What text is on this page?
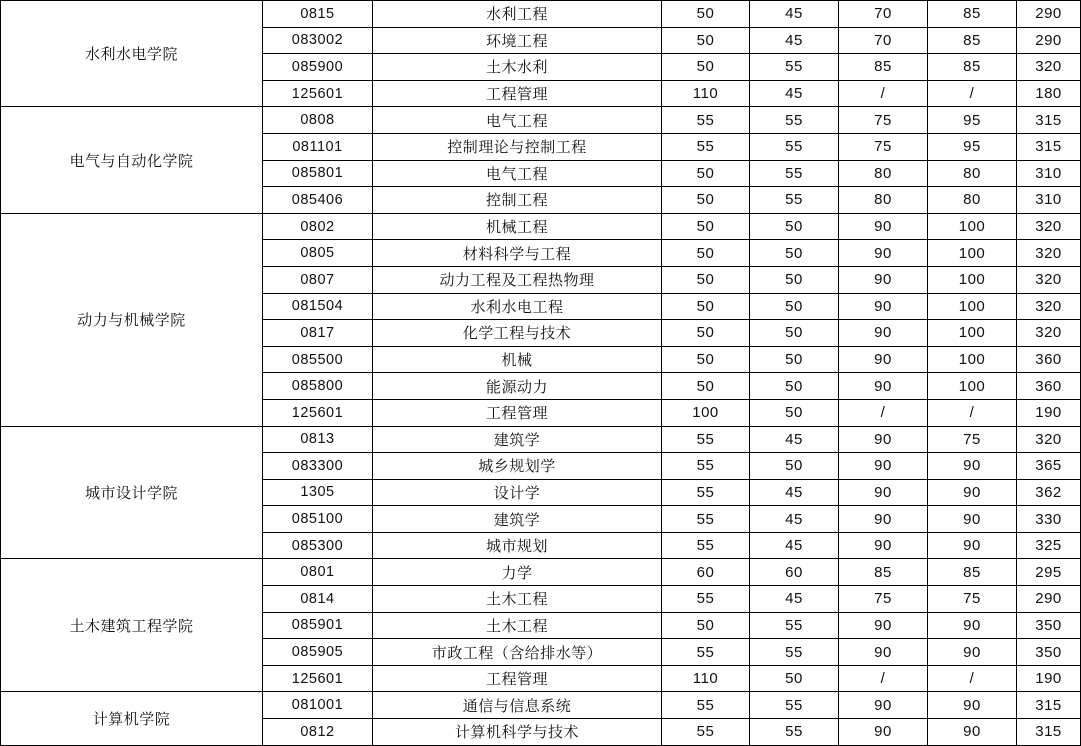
水利水电学院	0815	水利工程	50	45	70	85	290
	083002	环境工程	50	45	70	85	290
	085900	土木水利	50	55	85	85	320
	125601	工程管理	110	45	/	/	180
电气与自动化学院	0808	电气工程	55	55	75	95	315
	081101	控制理论与控制工程	55	55	75	95	315
	085801	电气工程	50	55	80	80	310
	085406	控制工程	50	55	80	80	310
动力与机械学院	0802	机械工程	50	50	90	100	320
	0805	材料科学与工程	50	50	90	100	320
	0807	动力工程及工程热物理	50	50	90	100	320
	081504	水利水电工程	50	50	90	100	320
	0817	化学工程与技术	50	50	90	100	320
	085500	机械	50	50	90	100	360
	085800	能源动力	50	50	90	100	360
	125601	工程管理	100	50	/	/	190
城市设计学院	0813	建筑学	55	45	90	75	320
	083300	城乡规划学	55	50	90	90	365
	1305	设计学	55	45	90	90	362
	085100	建筑学	55	45	90	90	330
	085300	城市规划	55	45	90	90	325
土木建筑工程学院	0801	力学	60	60	85	85	295
	0814	土木工程	55	45	75	75	290
	085901	土木工程	50	55	90	90	350
	085905	市政工程（含给排水等）	55	55	90	90	350
	125601	工程管理	110	50	/	/	190
计算机学院	081001	通信与信息系统	55	55	90	90	315
	0812	计算机科学与技术	55	55	90	90	315
